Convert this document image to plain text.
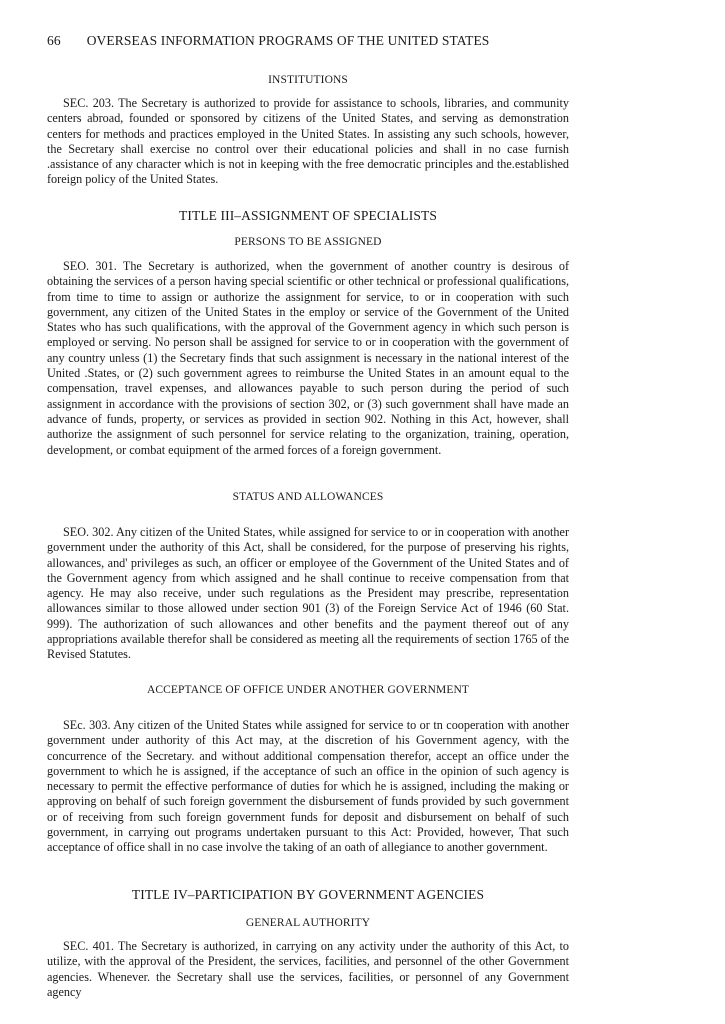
66 OVERSEAS INFORMATION PROGRAMS OF THE UNITED STATES
INSTITUTIONS

SEC. 203. The Secretary is authorized to provide for assistance to schools, libraries, and community centers abroad, founded or sponsored by citizens of the United States, and serving as demonstration centers for methods and practices employed in the United States. In assisting any such schools, however, the Secretary shall exercise no control over their educational policies and shall in no case furnish .assistance of any character which is not in keeping with the free democratic principles and the.established foreign policy of the United States.

TITLE III–ASSIGNMENT OF SPECIALISTS
PERSONS TO BE ASSIGNED

SEO. 301. The Secretary is authorized, when the government of another country is desirous of obtaining the services of a person having special scientific or other technical or professional qualifications, from time to time to assign or authorize the assignment for service, to or in cooperation with such government, any citizen of the United States in the employ or service of the Government of the United States who has such qualifications, with the approval of the Government agency in which such person is employed or serving. No person shall be assigned for service to or in cooperation with the government of any country unless (1) the Secretary finds that such assignment is necessary in the national interest of the United .States, or (2) such government agrees to reimburse the United States in an amount equal to the compensation, travel expenses, and allowances payable to such person during the period of such assignment in accordance with the provisions of section 302, or (3) such government shall have made an advance of funds, property, or services as provided in section 902. Nothing in this Act, however, shall authorize the assignment of such personnel for service relating to the organization, training, operation, development, or combat equipment of the armed forces of a foreign government.

STATUS AND ALLOWANCES

SEO. 302. Any citizen of the United States, while assigned for service to or in cooperation with another government under the authority of this Act, shall be considered, for the purpose of preserving his rights, allowances, and' privileges as such, an officer or employee of the Government of the United States and of the Government agency from which assigned and he shall continue to receive compensation from that agency. He may also receive, under such regulations as the President may prescribe, representation allowances similar to those allowed under section 901 (3) of the Foreign Service Act of 1946 (60 Stat. 999). The authorization of such allowances and other benefits and the payment thereof out of any appropriations available therefor shall be considered as meeting all the requirements of section 1765 of the Revised Statutes.

ACCEPTANCE OF OFFICE UNDER ANOTHER GOVERNMENT

SEc. 303. Any citizen of the United States while assigned for service to or tn cooperation with another government under authority of this Act may, at the discretion of his Government agency, with the concurrence of the Secretary. and without additional compensation therefor, accept an office under the government to which he is assigned, if the acceptance of such an office in the opinion of such agency is necessary to permit the effective performance of duties for which he is assigned, including the making or approving on behalf of such foreign government the disbursement of funds provided by such government or of receiving from such foreign government funds for deposit and disbursement on behalf of such government, in carrying out programs undertaken pursuant to this Act: Provided, however, That such acceptance of office shall in no case involve the taking of an oath of allegiance to another government.

TITLE IV–PARTICIPATION BY GOVERNMENT AGENCIES
GENERAL AUTHORITY

SEC. 401. The Secretary is authorized, in carrying on any activity under the authority of this Act, to utilize, with the approval of the President, the services, facilities, and personnel of the other Government agencies. Whenever. the Secretary shall use the services, facilities, or personnel of any Government agency
